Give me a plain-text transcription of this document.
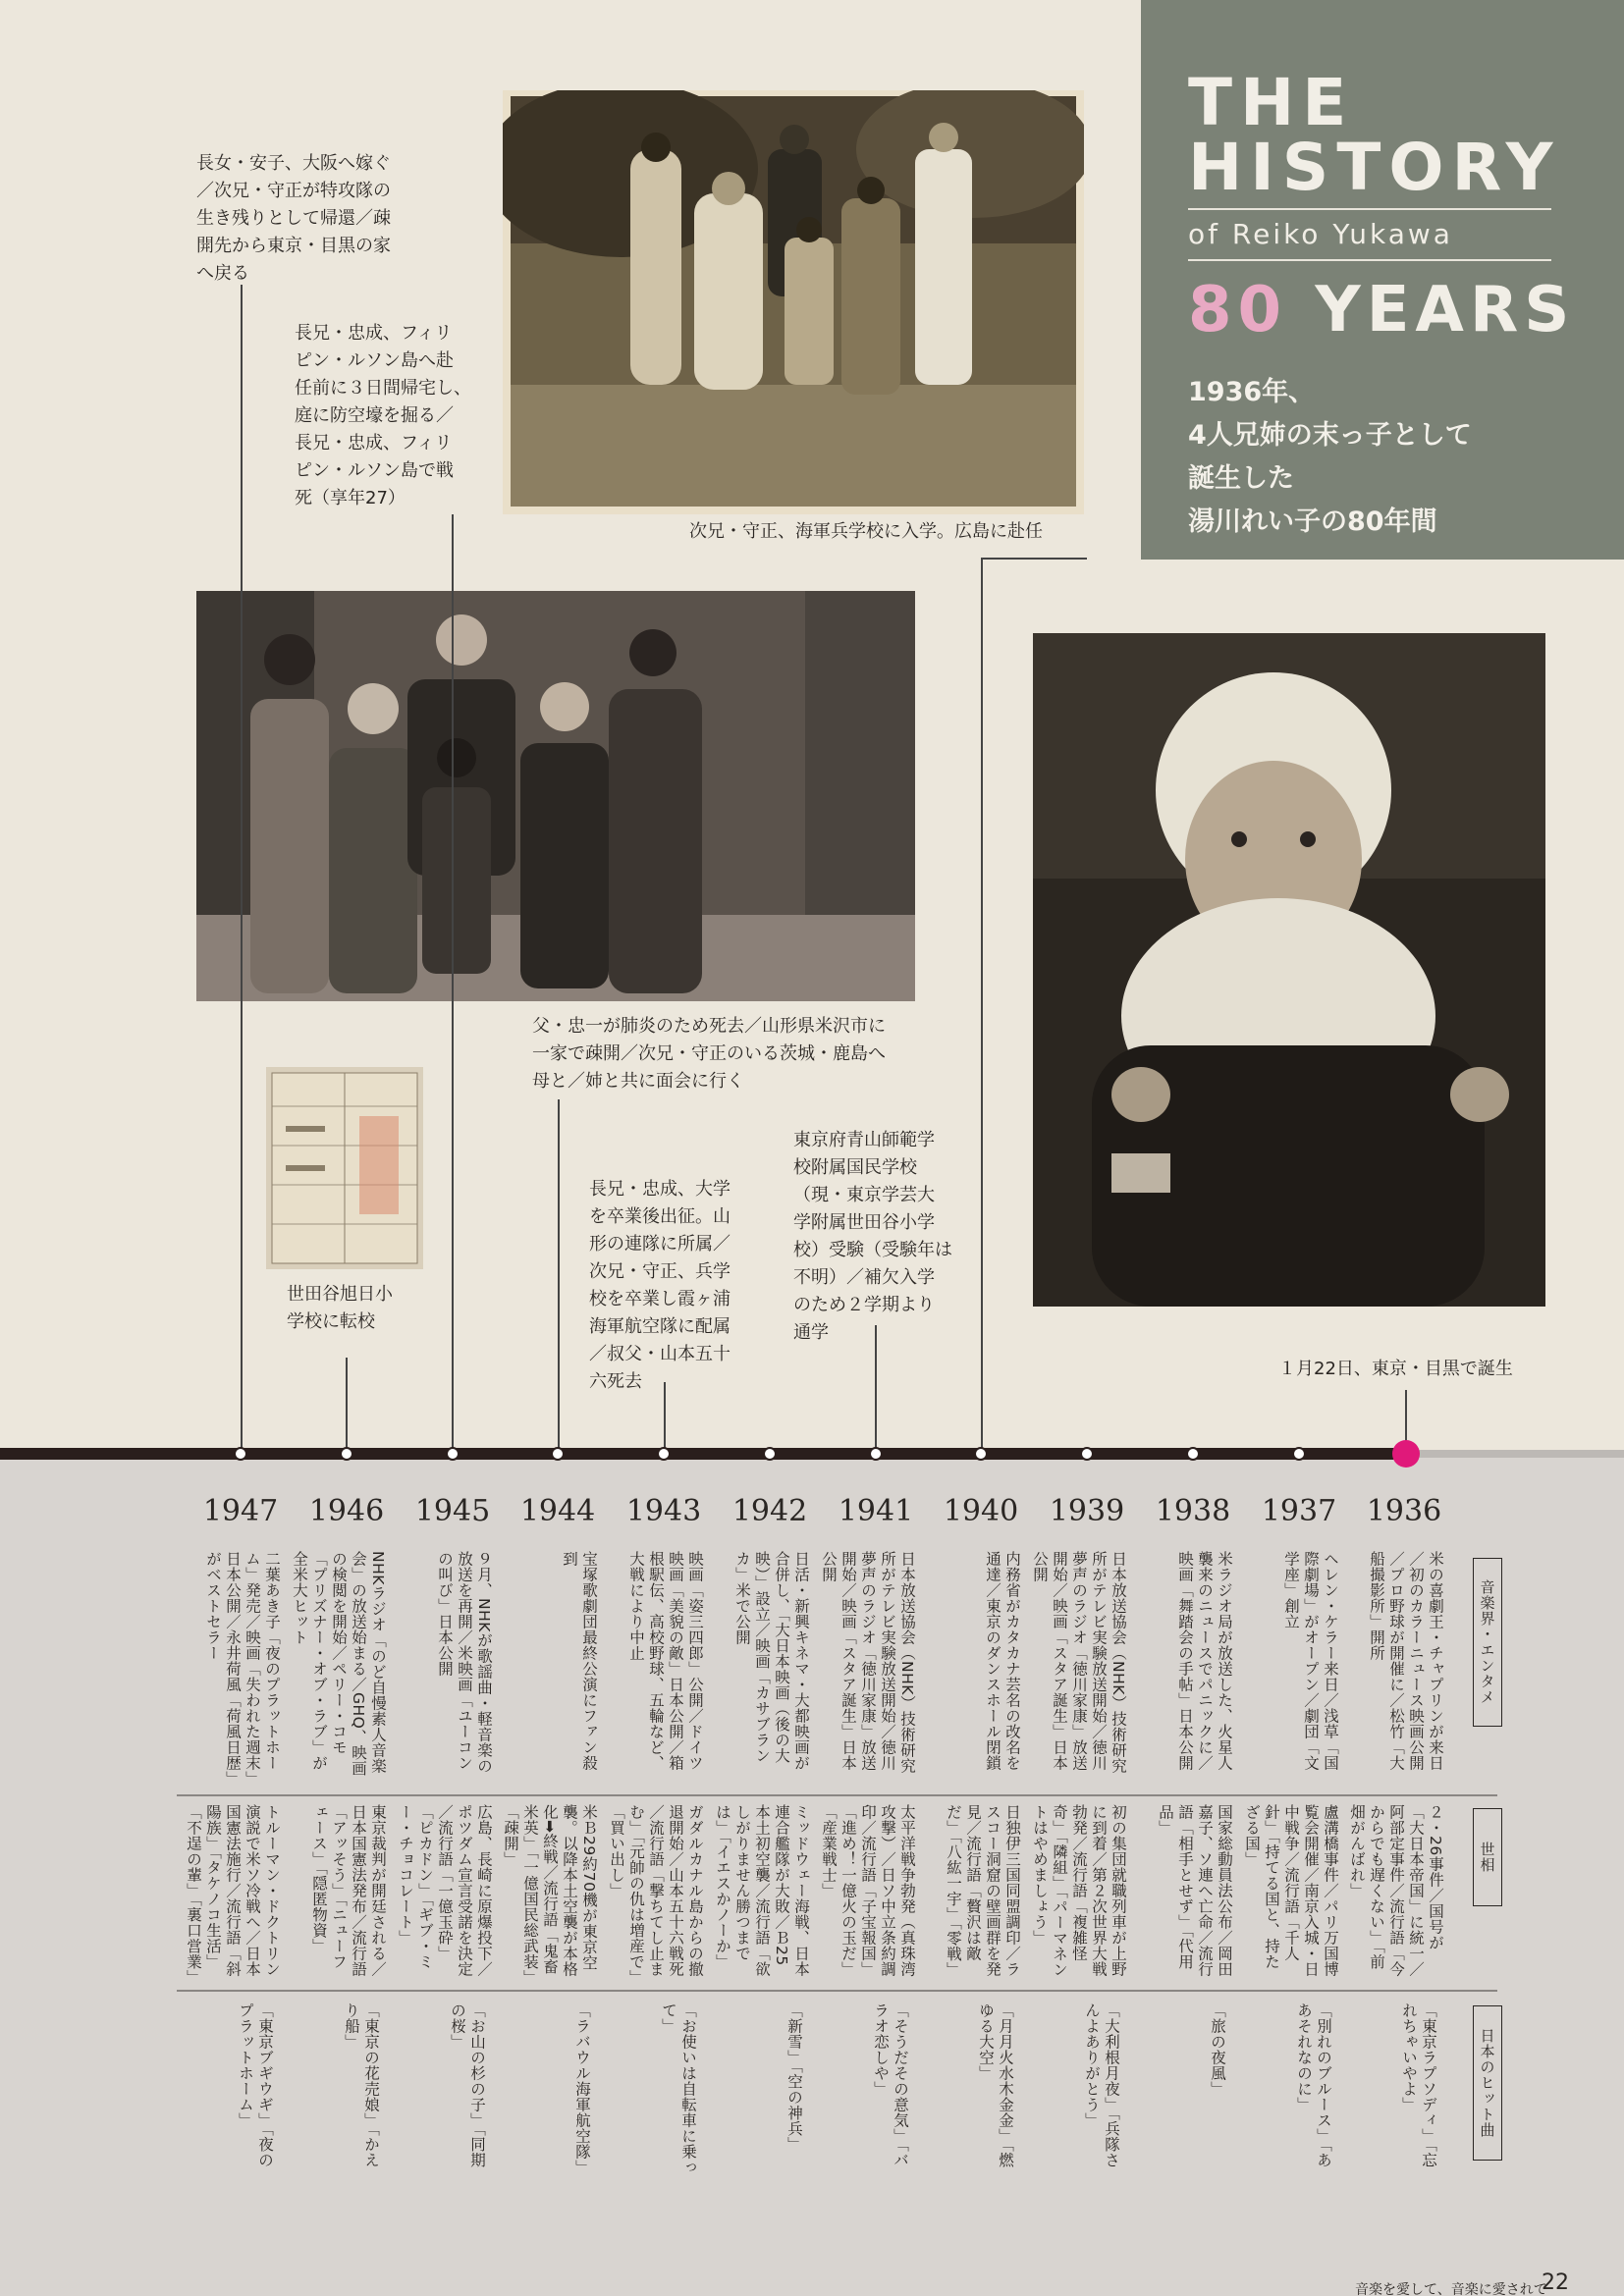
THE
HISTORY
of Reiko Yukawa
80 YEARS
1936年、
4人兄姉の末っ子として
誕生した
湯川れい子の80年間
次兄・守正、海軍兵学校に入学。広島に赴任
１月22日、東京・目黒で誕生
長女・安子、大阪へ嫁ぐ
／次兄・守正が特攻隊の
生き残りとして帰還／疎
開先から東京・目黒の家
へ戻る
長兄・忠成、フィリ
ピン・ルソン島へ赴
任前に３日間帰宅し、
庭に防空壕を掘る／
長兄・忠成、フィリ
ピン・ルソン島で戦
死（享年27）
父・忠一が肺炎のため死去／山形県米沢市に
一家で疎開／次兄・守正のいる茨城・鹿島へ
母と／姉と共に面会に行く
世田谷旭日小
学校に転校
長兄・忠成、大学
を卒業後出征。山
形の連隊に所属／
次兄・守正、兵学
校を卒業し霞ヶ浦
海軍航空隊に配属
／叔父・山本五十
六死去
東京府青山師範学
校附属国民学校
（現・東京学芸大
学附属世田谷小学
校）受験（受験年は
不明）／補欠入学
のため２学期より
通学
1947 1946 1945 1944 1943 1942 1941 1940 1939 1938 1937 1936
音楽界・エンタメ
世相
日本のヒット曲
二葉あき子「夜のプラットホーム」発売／映画「失われた週末」日本公開／永井荷風「荷風日歴」がベストセラー	NHKラジオ「のど自慢素人音楽会」の放送始まる／GHQ、映画の検閲を開始／ペリー・コモ「プリズナー・オブ・ラブ」が全米大ヒット	９月、NHKが歌謡曲・軽音楽の放送を再開／米映画「ユーコンの叫び」日本公開	宝塚歌劇団最終公演にファン殺到	映画「姿三四郎」公開／ドイツ映画「美貌の敵」日本公開／箱根駅伝、高校野球、五輪など、大戦により中止	日活・新興キネマ・大都映画が合併し、「大日本映画（後の大映）」設立／映画「カサブランカ」米で公開	日本放送協会（NHK）技術研究所がテレビ実験放送開始／徳川夢声のラジオ「徳川家康」放送開始／映画「スタア誕生」日本公開	内務省がカタカナ芸名の改名を通達／東京のダンスホール閉鎖	日本放送協会（NHK）技術研究所がテレビ実験放送開始／徳川夢声のラジオ「徳川家康」放送開始／映画「スタア誕生」日本公開	米ラジオ局が放送した、火星人襲来のニュースでパニックに／映画「舞踏会の手帖」日本公開	ヘレン・ケラー来日／浅草「国際劇場」がオープン／劇団「文学座」創立	米の喜劇王・チャプリンが来日／初のカラーニュース映画公開／プロ野球が開催に／松竹「大船撮影所」開所
トルーマン・ドクトリン演説で米ソ冷戦へ／日本国憲法施行／流行語「斜陽族」「タケノコ生活」「不逞の輩」「裏口営業」	東京裁判が開廷される／日本国憲法発布／流行語「アッそう」「ニューフェース」「隠匿物資」	広島、長崎に原爆投下／ポツダム宣言受諾を決定／流行語「一億玉砕」「ピカドン」「ギブ・ミー・チョコレート」	米Ｂ29約70機が東京空襲。以降本土空襲が本格化➡終戦／流行語「鬼畜米英」「一億国民総武装」「疎開」	ガダルカナル島からの撤退開始／山本五十六戦死／流行語「撃ちてし止まむ」「元帥の仇は増産で」「買い出し」	ミッドウェー海戦、日本連合艦隊が大敗／Ｂ25本土初空襲／流行語「欲しがりません勝つまでは」「イエスかノーか」	太平洋戦争勃発（真珠湾攻撃）／日ソ中立条約調印／流行語「子宝報国」「進め！一億火の玉だ」「産業戦士」	日独伊三国同盟調印／ラスコー洞窟の壁画群を発見／流行語「贅沢は敵だ」「八紘一宇」「零戦」	初の集団就職列車が上野に到着／第２次世界大戦勃発／流行語「複雑怪奇」「隣組」「パーマネントはやめましょう」	国家総動員法公布／岡田嘉子、ソ連へ亡命／流行語「相手とせず」「代用品」	盧溝橋事件／パリ万国博覧会開催／南京入城・日中戦争／流行語「千人針」「持てる国と、持たざる国」	２・26事件／国号が「大日本帝国」に統一／阿部定事件／流行語「今からでも遅くない」「前畑がんばれ」
「東京ブギウギ」「夜のプラットホーム」	「東京の花売娘」「かえり船」	「お山の杉の子」「同期の桜」	「ラバウル海軍航空隊」	「お使いは自転車に乗って」	「新雪」「空の神兵」	「そうだその意気」「バラオ恋しや」	「月月火水木金金」「燃ゆる大空」	「大利根月夜」「兵隊さんよありがとう」	「旅の夜風」	「別れのブルース」「ああそれなのに」	「東京ラプソディ」「忘れちゃいやよ」
音楽を愛して、音楽に愛されて
22
